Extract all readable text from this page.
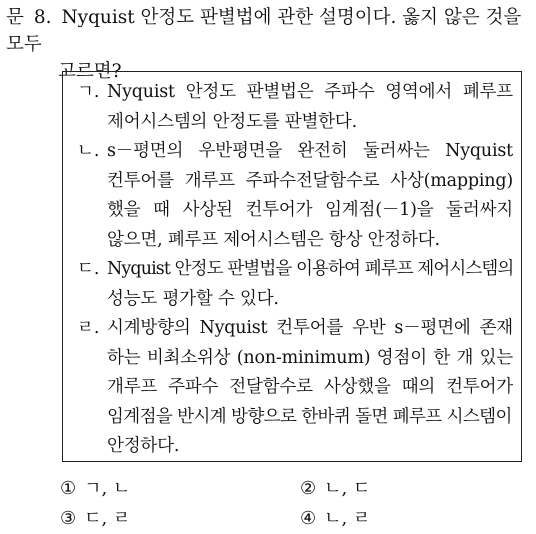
문 8. Nyquist 안정도 판별법에 관한 설명이다. 옳지 않은 것을 모두
고르면?
ㄱ. Nyquist 안정도 판별법은 주파수 영역에서 폐루프
제어시스템의 안정도를 판별한다.
ㄴ. s－평면의 우반평면을 완전히 둘러싸는 Nyquist
컨투어를 개루프 주파수전달함수로 사상(mapping)
했을 때 사상된 컨투어가 임계점(－1)을 둘러싸지
않으면, 폐루프 제어시스템은 항상 안정하다.
ㄷ. Nyquist 안정도 판별법을 이용하여 폐루프 제어시스템의
성능도 평가할 수 있다.
ㄹ. 시계방향의 Nyquist 컨투어를 우반 s－평면에 존재
하는 비최소위상 (non-minimum) 영점이 한 개 있는
개루프 주파수 전달함수로 사상했을 때의 컨투어가
임계점을 반시계 방향으로 한바퀴 돌면 폐루프 시스템이
안정하다.
① ㄱ, ㄴ	② ㄴ, ㄷ
③ ㄷ, ㄹ	④ ㄴ, ㄹ
